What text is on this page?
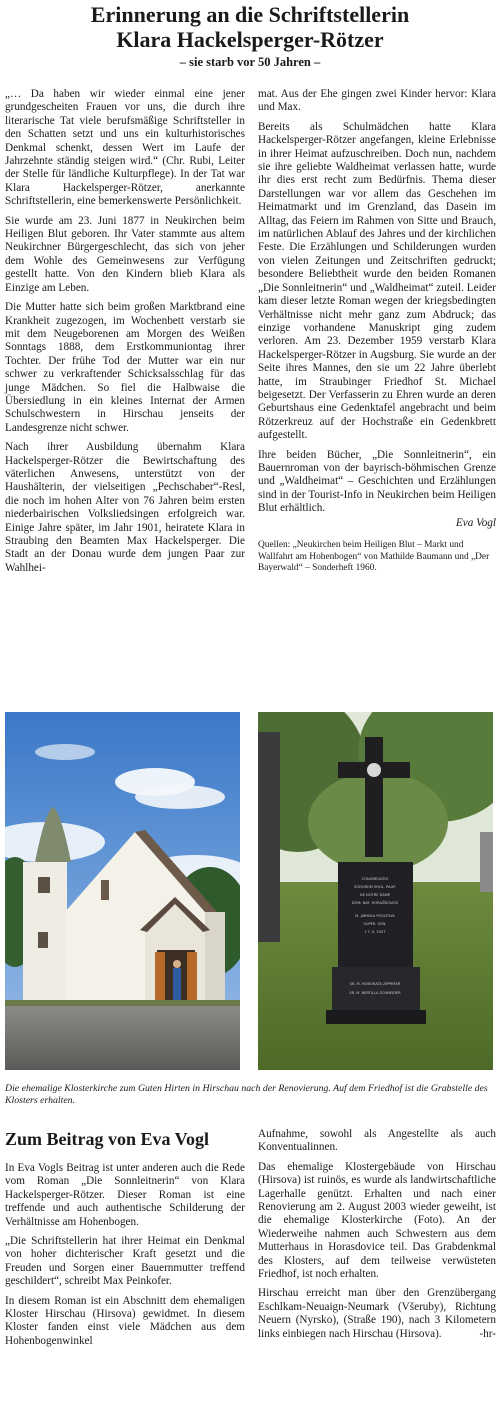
Erinnerung an die Schriftstellerin
Klara Hackelsperger-Rötzer
– sie starb vor 50 Jahren –

„… Da haben wir wieder einmal eine jener grundgescheiten Frauen vor uns, die durch ihre literarische Tat viele berufsmäßige Schriftsteller in den Schatten setzt und uns ein kulturhistorisches Denkmal schenkt, dessen Wert im Laufe der Jahrzehnte ständig steigen wird.“ (Chr. Rubi, Leiter der Stelle für ländliche Kulturpflege). In der Tat war Klara Hackelsperger-Rötzer, anerkannte Schriftstellerin, eine bemerkenswerte Persönlichkeit.

Sie wurde am 23. Juni 1877 in Neukirchen beim Heiligen Blut geboren. Ihr Vater stammte aus altem Neukirchner Bürgergeschlecht, das sich von jeher dem Wohle des Gemeinwesens zur Verfügung gestellt hatte. Von den Kindern blieb Klara als Einzige am Leben.

Die Mutter hatte sich beim großen Marktbrand eine Krankheit zugezogen, im Wochenbett verstarb sie mit dem Neugeborenen am Morgen des Weißen Sonntags 1888, dem Erstkommuniontag ihrer Tochter. Der frühe Tod der Mutter war ein nur schwer zu verkraftender Schicksalsschlag für das junge Mädchen. So fiel die Halbwaise die Übersiedlung in ein kleines Internat der Armen Schulschwestern in Hirschau jenseits der Landesgrenze nicht schwer.

Nach ihrer Ausbildung übernahm Klara Hackelsperger-Rötzer die Bewirtschaftung des väterlichen Anwesens, unterstützt von der Haushälterin, der vielseitigen „Pechschaber“-Resl, die noch im hohen Alter von 76 Jahren beim ersten niederbairischen Volksliedsingen erfolgreich war. Einige Jahre später, im Jahr 1901, heiratete Klara in Straubing den Beamten Max Hackelsperger. Die Stadt an der Donau wurde dem jungen Paar zur Wahlhei-

mat. Aus der Ehe gingen zwei Kinder hervor: Klara und Max.

Bereits als Schulmädchen hatte Klara Hackelsperger-Rötzer angefangen, kleine Erlebnisse in ihrer Heimat aufzuschreiben. Doch nun, nachdem sie ihre geliebte Waldheimat verlassen hatte, wurde ihr dies erst recht zum Bedürfnis. Thema dieser Darstellungen war vor allem das Geschehen im Heimatmarkt und im Grenzland, das Dasein im Alltag, das Feiern im Rahmen von Sitte und Brauch, im natürlichen Ablauf des Jahres und der kirchlichen Feste. Die Erzählungen und Schilderungen wurden von vielen Zeitungen und Zeitschriften gedruckt; besondere Beliebtheit wurde den beiden Romanen „Die Sonnleitnerin“ und „Waldheimat“ zuteil. Leider kam dieser letzte Roman wegen der kriegsbedingten Verhältnisse nicht mehr ganz zum Abdruck; das einzige vorhandene Manuskript ging zudem verloren. Am 23. Dezember 1959 verstarb Klara Hackelsperger-Rötzer in Augsburg. Sie wurde an der Seite ihres Mannes, den sie um 22 Jahre überlebt hatte, im Straubinger Friedhof St. Michael beigesetzt. Der Verfasserin zu Ehren wurde an deren Geburtshaus eine Gedenktafel angebracht und beim Rötzerkreuz auf der Hochstraße ein Gedenkbrett aufgestellt.

Ihre beiden Bücher, „Die Sonnleitnerin“, ein Bauernroman von der bayrisch-böhmischen Grenze und „Waldheimat“ – Geschichten und Erzählungen sind in der Tourist-Info in Neukirchen beim Heiligen Blut erhältlich.

Eva Vogl
Quellen: „Neukirchen beim Heiligen Blut – Markt und Wallfahrt am Hohenbogen“ von Mathilde Baumann und „Der Bayerwald“ – Sonderheft 1960.
CONGREGATIO
SORORUM SHOL. PAUP.
DE NOTRE DAME
DOM. NAT. HORAŽĎOVICE
M. JARMILA POSLTOVA
SUPER. GEN.
† 7. II. 1927
SR. M. HONORATA ZIPPERER
SR. M. BERTILLA SCHNEIDER
Die ehemalige Klosterkirche zum Guten Hirten in Hirschau nach der Renovierung. Auf dem Friedhof ist die Grabstelle des Klosters erhalten.
Zum Beitrag von Eva Vogl

In Eva Vogls Beitrag ist unter anderen auch die Rede vom Roman „Die Sonnleitnerin“ von Klara Hackelsperger-Rötzer. Dieser Roman ist eine treffende und auch authentische Schilderung der Verhältnisse am Hohenbogen.

„Die Schriftstellerin hat ihrer Heimat ein Denkmal von hoher dichterischer Kraft gesetzt und die Freuden und Sorgen einer Bauernmutter treffend geschildert“, schreibt Max Peinkofer.

In diesem Roman ist ein Abschnitt dem ehemaligen Kloster Hirschau (Hirsova) gewidmet. In diesem Kloster fanden einst viele Mädchen aus dem Hohenbogenwinkel

Aufnahme, sowohl als Angestellte als auch Konventualinnen.

Das ehemalige Klostergebäude von Hirschau (Hirsova) ist ruinös, es wurde als landwirtschaftliche Lagerhalle genützt. Erhalten und nach einer Renovierung am 2. August 2003 wieder geweiht, ist die ehemalige Klosterkirche (Foto). An der Wiederweihe nahmen auch Schwestern aus dem Mutterhaus in Horasdovice teil. Das Grabdenkmal des Klosters, auf dem teilweise verwüsteten Friedhof, ist noch erhalten.

Hirschau erreicht man über den Grenzübergang Eschlkam-Neuaign-Neumark (Všeruby), Richtung Neuern (Nyrsko), (Straße 190), nach 3 Kilometern links einbiegen nach Hirschau (Hirsova).	-hr-
